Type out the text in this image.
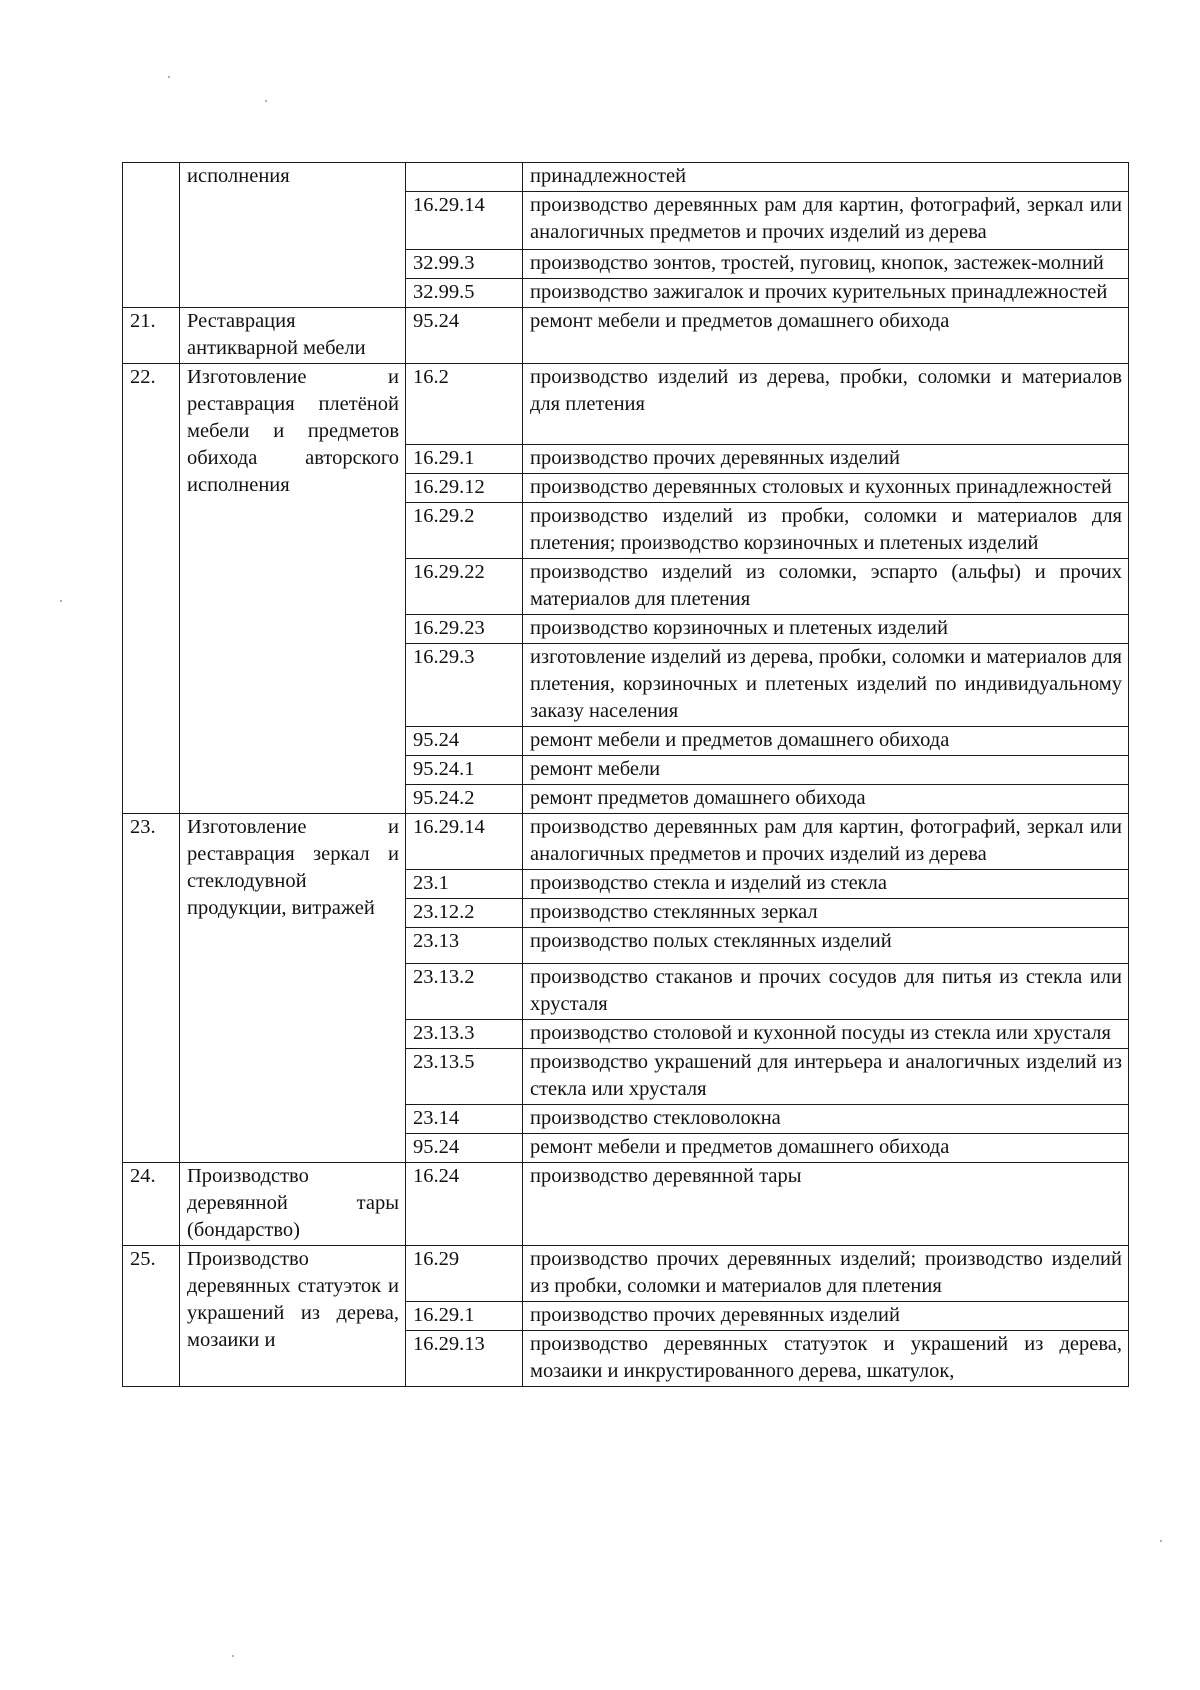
	исполнения		принадлежностей
		16.29.14	производство деревянных рам для картин, фотографий, зеркал или аналогичных предметов и прочих изделий из дерева
		32.99.3	производство зонтов, тростей, пуговиц, кнопок, застежек-молний
		32.99.5	производство зажигалок и прочих курительных принадлежностей
21.	Реставрация антикварной мебели	95.24	ремонт мебели и предметов домашнего обихода
22.	Изготовление и реставрация плетёной мебели и предметов обихода авторского исполнения	16.2	производство изделий из дерева, пробки, соломки и материалов для плетения
		16.29.1	производство прочих деревянных изделий
		16.29.12	производство деревянных столовых и кухонных принадлежностей
		16.29.2	производство изделий из пробки, соломки и материалов для плетения; производство корзиночных и плетеных изделий
		16.29.22	производство изделий из соломки, эспарто (альфы) и прочих материалов для плетения
		16.29.23	производство корзиночных и плетеных изделий
		16.29.3	изготовление изделий из дерева, пробки, соломки и материалов для плетения, корзиночных и плетеных изделий по индивидуальному заказу населения
		95.24	ремонт мебели и предметов домашнего обихода
		95.24.1	ремонт мебели
		95.24.2	ремонт предметов домашнего обихода
23.	Изготовление и реставрация зеркал и стеклодувной продукции, витражей	16.29.14	производство деревянных рам для картин, фотографий, зеркал или аналогичных предметов и прочих изделий из дерева
		23.1	производство стекла и изделий из стекла
		23.12.2	производство стеклянных зеркал
		23.13	производство полых стеклянных изделий
		23.13.2	производство стаканов и прочих сосудов для питья из стекла или хрусталя
		23.13.3	производство столовой и кухонной посуды из стекла или хрусталя
		23.13.5	производство украшений для интерьера и аналогичных изделий из стекла или хрусталя
		23.14	производство стекловолокна
		95.24	ремонт мебели и предметов домашнего обихода
24.	Производство деревянной тары (бондарство)	16.24	производство деревянной тары
25.	Производство деревянных статуэток и украшений из дерева, мозаики и	16.29	производство прочих деревянных изделий; производство изделий из пробки, соломки и материалов для плетения
		16.29.1	производство прочих деревянных изделий
		16.29.13	производство деревянных статуэток и украшений из дерева, мозаики и инкрустированного дерева, шкатулок,
